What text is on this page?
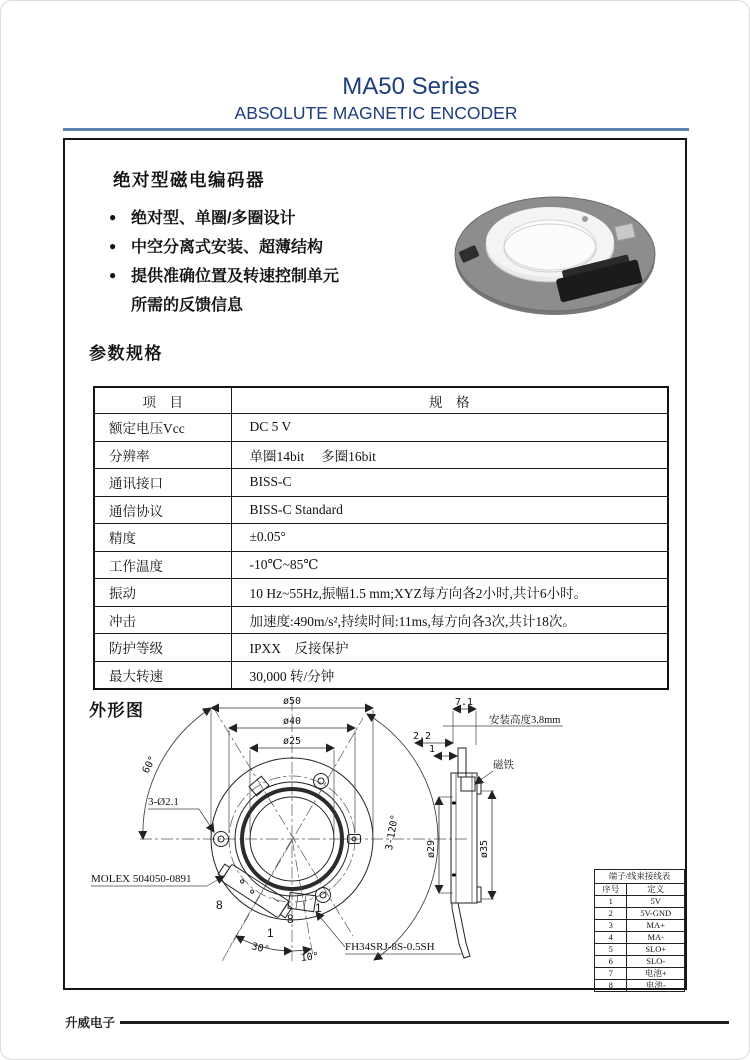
MA50 Series
ABSOLUTE MAGNETIC ENCODER
绝对型磁电编码器
● 绝对型、单圈/多圈设计
● 中空分离式安装、超薄结构
● 提供准确位置及转速控制单元
所需的反馈信息
参数规格
项　目	规　格
额定电压Vcc	DC 5 V
分辨率	单圈14bit　 多圈16bit
通讯接口	BISS-C
通信协议	BISS-C Standard
精度	±0.05°
工作温度	-10℃~85℃
振动	10 Hz~55Hz,振幅1.5 mm;XYZ每方向各2小时,共计6小时。
冲击	加速度:490m/s²,持续时间:11ms,每方向各3次,共计18次。
防护等级	IPXX　反接保护
最大转速	30,000 转/分钟
外形图	ø50
ø40
ø25
60°
3-Ø2.1
3-120°
30°
10°
8
1
8
1
MOLEX 504050-0891
FH34SRJ-8S-0.5SH
7.1
安装高度3.8mm
2.2
1
磁铁
ø29	ø35
端子/线束接线表	
序号	定义
1	5V
2	5V-GND
3	MA+
4	MA-
5	SLO+
6	SLO-
7	电池+
8	电池-
升威电子
